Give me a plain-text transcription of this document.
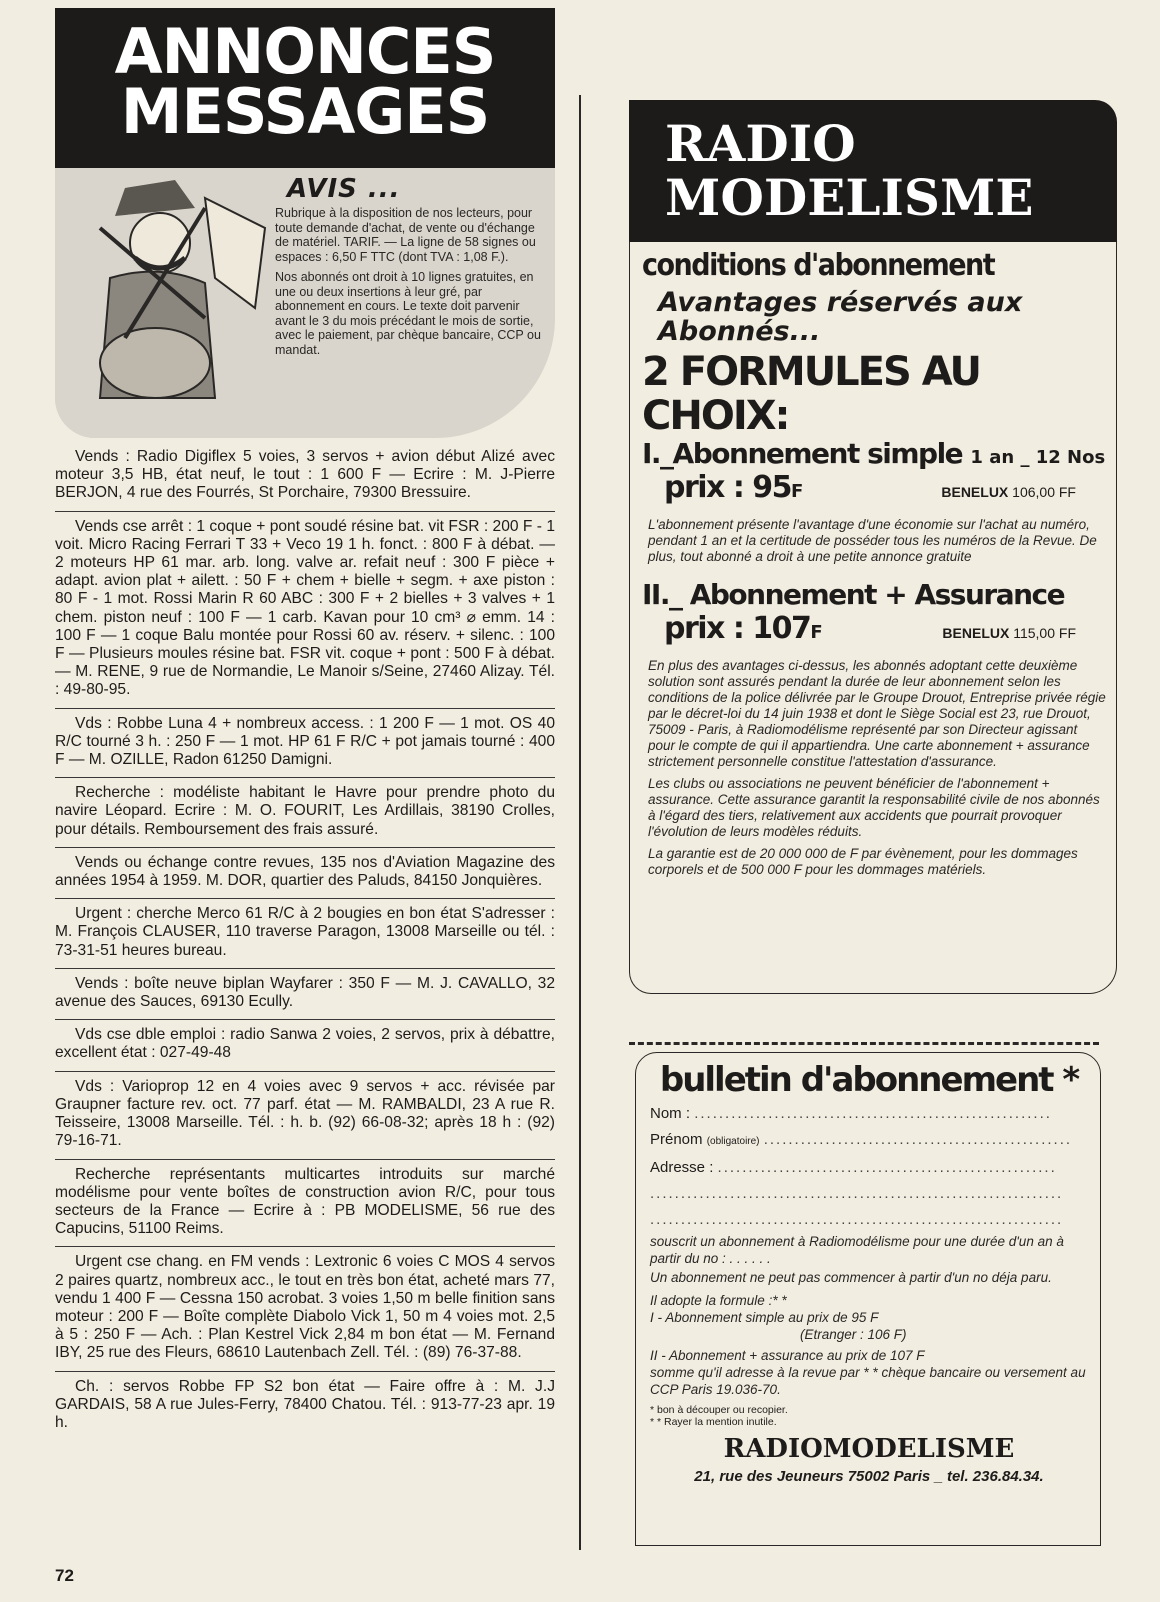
ANNONCES
MESSAGES
AVIS ...

Rubrique à la disposition de nos lecteurs, pour toute demande d'achat, de vente ou d'échange de matériel. TARIF. — La ligne de 58 signes ou espaces : 6,50 F TTC (dont TVA : 1,08 F.).

Nos abonnés ont droit à 10 lignes gratuites, en une ou deux insertions à leur gré, par abonnement en cours. Le texte doit parvenir avant le 3 du mois précédant le mois de sortie, avec le paiement, par chèque bancaire, CCP ou mandat.

Vends : Radio Digiflex 5 voies, 3 servos + avion début Alizé avec moteur 3,5 HB, état neuf, le tout : 1 600 F — Ecrire : M. J-Pierre BERJON, 4 rue des Fourrés, St Porchaire, 79300 Bressuire.
Vends cse arrêt : 1 coque + pont soudé résine bat. vit FSR : 200 F - 1 voit. Micro Racing Ferrari T 33 + Veco 19 1 h. fonct. : 800 F à débat. — 2 moteurs HP 61 mar. arb. long. valve ar. refait neuf : 300 F pièce + adapt. avion plat + ailett. : 50 F + chem + bielle + segm. + axe piston : 80 F - 1 mot. Rossi Marin R 60 ABC : 300 F + 2 bielles + 3 valves + 1 chem. piston neuf : 100 F — 1 carb. Kavan pour 10 cm³ ⌀ emm. 14 : 100 F — 1 coque Balu montée pour Rossi 60 av. réserv. + silenc. : 100 F — Plusieurs moules résine bat. FSR vit. coque + pont : 500 F à débat. — M. RENE, 9 rue de Normandie, Le Manoir s/Seine, 27460 Alizay. Tél. : 49-80-95.
Vds : Robbe Luna 4 + nombreux access. : 1 200 F — 1 mot. OS 40 R/C tourné 3 h. : 250 F — 1 mot. HP 61 F R/C + pot jamais tourné : 400 F — M. OZILLE, Radon 61250 Damigni.
Recherche : modéliste habitant le Havre pour prendre photo du navire Léopard. Ecrire : M. O. FOURIT, Les Ardillais, 38190 Crolles, pour détails. Remboursement des frais assuré.
Vends ou échange contre revues, 135 nos d'Aviation Magazine des années 1954 à 1959. M. DOR, quartier des Paluds, 84150 Jonquières.
Urgent : cherche Merco 61 R/C à 2 bougies en bon état S'adresser : M. François CLAUSER, 110 traverse Paragon, 13008 Marseille ou tél. : 73-31-51 heures bureau.
Vends : boîte neuve biplan Wayfarer : 350 F — M. J. CAVALLO, 32 avenue des Sauces, 69130 Ecully.
Vds cse dble emploi : radio Sanwa 2 voies, 2 servos, prix à débattre, excellent état : 027-49-48
Vds : Varioprop 12 en 4 voies avec 9 servos + acc. révisée par Graupner facture rev. oct. 77 parf. état — M. RAMBALDI, 23 A rue R. Teisseire, 13008 Marseille. Tél. : h. b. (92) 66-08-32; après 18 h : (92) 79-16-71.
Recherche représentants multicartes introduits sur marché modélisme pour vente boîtes de construction avion R/C, pour tous secteurs de la France — Ecrire à : PB MODELISME, 56 rue des Capucins, 51100 Reims.
Urgent cse chang. en FM vends : Lextronic 6 voies C MOS 4 servos 2 paires quartz, nombreux acc., le tout en très bon état, acheté mars 77, vendu 1 400 F — Cessna 150 acrobat. 3 voies 1,50 m belle finition sans moteur : 200 F — Boîte complète Diabolo Vick 1, 50 m 4 voies mot. 2,5 à 5 : 250 F — Ach. : Plan Kestrel Vick 2,84 m bon état — M. Fernand IBY, 25 rue des Fleurs, 68610 Lautenbach Zell. Tél. : (89) 76-37-88.
Ch. : servos Robbe FP S2 bon état — Faire offre à : M. J.J GARDAIS, 58 A rue Jules-Ferry, 78400 Chatou. Tél. : 913-77-23 apr. 19 h.
72
RADIO
MODELISME
conditions d'abonnement
Avantages réservés aux Abonnés...
2 FORMULES AU CHOIX:
I._Abonnement simple 1 an _ 12 Nos
prix : 95F	BENELUX 106,00 FF

L'abonnement présente l'avantage d'une économie sur l'achat au numéro, pendant 1 an et la certitude de posséder tous les numéros de la Revue. De plus, tout abonné a droit à une petite annonce gratuite

II._ Abonnement + Assurance
prix : 107F	BENELUX 115,00 FF

En plus des avantages ci-dessus, les abonnés adoptant cette deuxième solution sont assurés pendant la durée de leur abonnement selon les conditions de la police délivrée par le Groupe Drouot, Entreprise privée régie par le décret-loi du 14 juin 1938 et dont le Siège Social est 23, rue Drouot, 75009 - Paris, à Radiomodélisme représenté par son Directeur agissant pour le compte de qui il appartiendra. Une carte abonnement + assurance strictement personnelle constitue l'attestation d'assurance.

Les clubs ou associations ne peuvent bénéficier de l'abonnement + assurance. Cette assurance garantit la responsabilité civile de nos abonnés à l'égard des tiers, relativement aux accidents que pourrait provoquer l'évolution de leurs modèles réduits.

La garantie est de 20 000 000 de F par évènement, pour les dommages corporels et de 500 000 F pour les dommages matériels.

bulletin d'abonnement *
Nom : ..........................................................
Prénom (obligatoire) ..................................................
Adresse : .......................................................
...................................................................
...................................................................
souscrit un abonnement à Radiomodélisme pour une durée d'un an à partir du no : . . . . . .
Un abonnement ne peut pas commencer à partir d'un no déja paru.
Il adopte la formule :* *
I - Abonnement simple au prix de 95 F
(Etranger : 106 F)
II - Abonnement + assurance au prix de 107 F
somme qu'il adresse à la revue par * * chèque bancaire ou versement au CCP Paris 19.036-70.
* bon à découper ou recopier.
* * Rayer la mention inutile.
RADIOMODELISME
21, rue des Jeuneurs 75002 Paris _ tel. 236.84.34.
